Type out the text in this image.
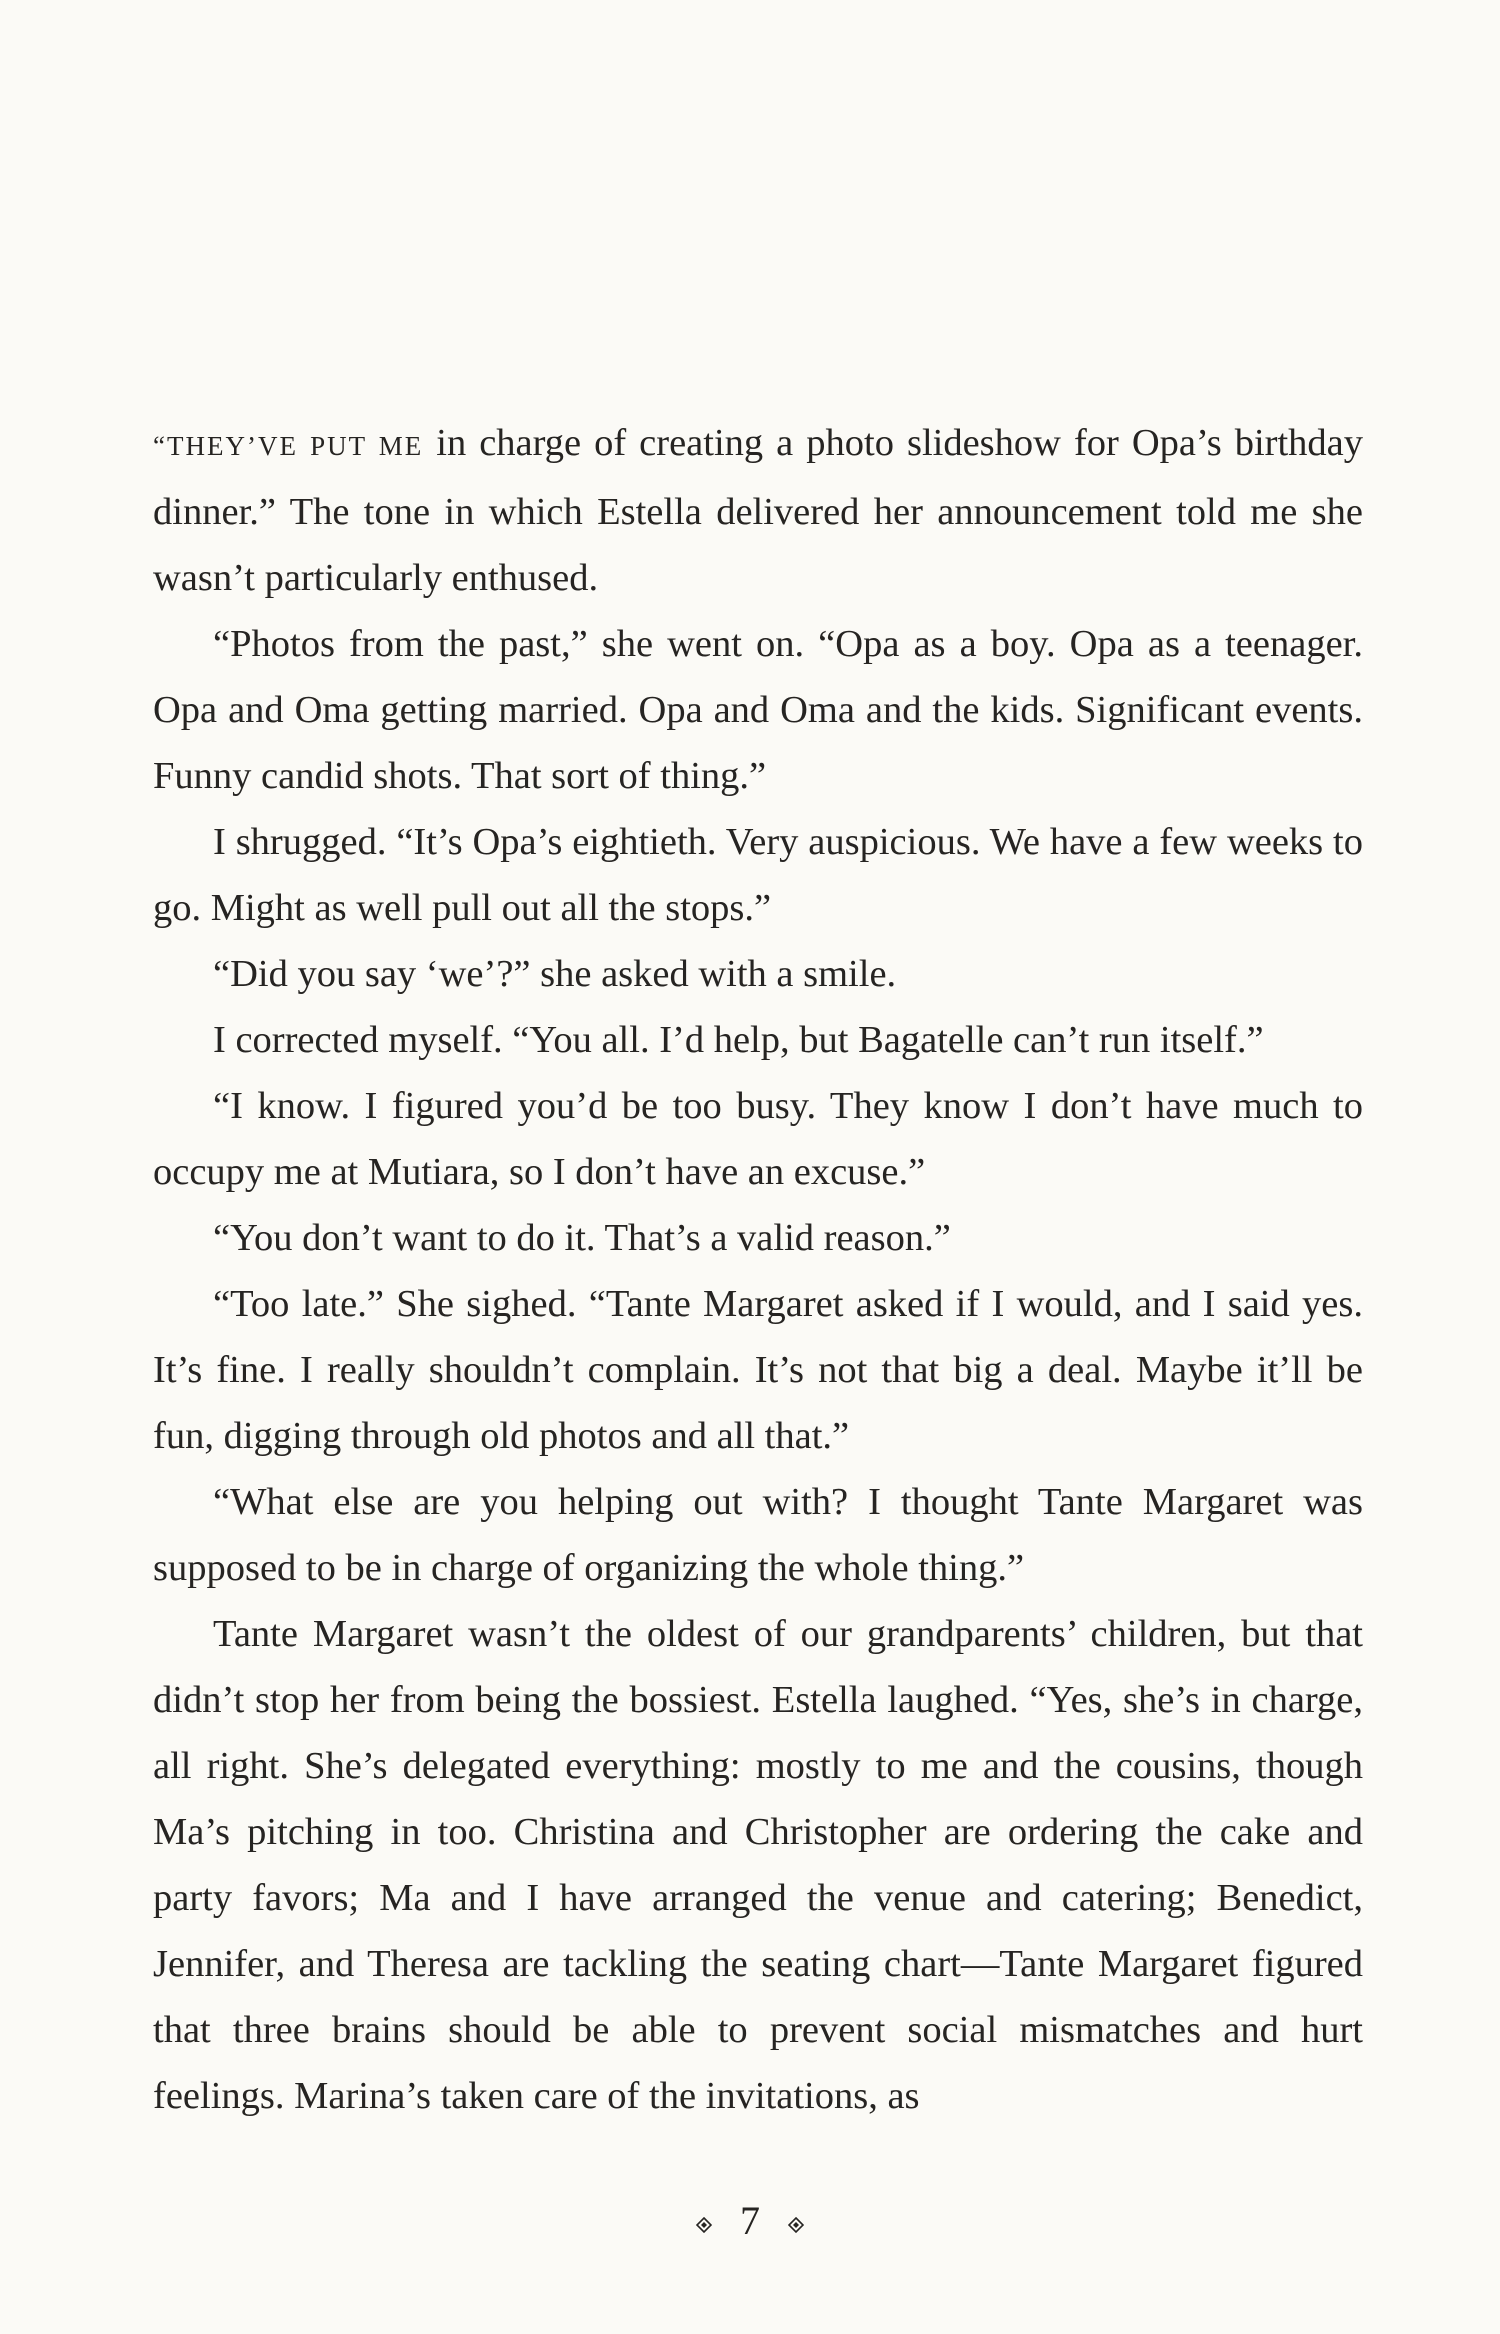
“THEY’VE PUT ME in charge of creating a photo slideshow for Opa’s birthday dinner.” The tone in which Estella delivered her announcement told me she wasn’t particularly enthused.

“Photos from the past,” she went on. “Opa as a boy. Opa as a teenager. Opa and Oma getting married. Opa and Oma and the kids. Significant events. Funny candid shots. That sort of thing.”

I shrugged. “It’s Opa’s eightieth. Very auspicious. We have a few weeks to go. Might as well pull out all the stops.”

“Did you say ‘we’?” she asked with a smile.

I corrected myself. “You all. I’d help, but Bagatelle can’t run itself.”

“I know. I figured you’d be too busy. They know I don’t have much to occupy me at Mutiara, so I don’t have an excuse.”

“You don’t want to do it. That’s a valid reason.”

“Too late.” She sighed. “Tante Margaret asked if I would, and I said yes. It’s fine. I really shouldn’t complain. It’s not that big a deal. Maybe it’ll be fun, digging through old photos and all that.”

“What else are you helping out with? I thought Tante Margaret was supposed to be in charge of organizing the whole thing.”

Tante Margaret wasn’t the oldest of our grandparents’ children, but that didn’t stop her from being the bossiest. Estella laughed. “Yes, she’s in charge, all right. She’s delegated everything: mostly to me and the cousins, though Ma’s pitching in too. Christina and Christopher are ordering the cake and party favors; Ma and I have arranged the venue and catering; Benedict, Jennifer, and Theresa are tackling the seating chart—Tante Margaret figured that three brains should be able to prevent social mismatches and hurt feelings. Marina’s taken care of the invitations, as

7
